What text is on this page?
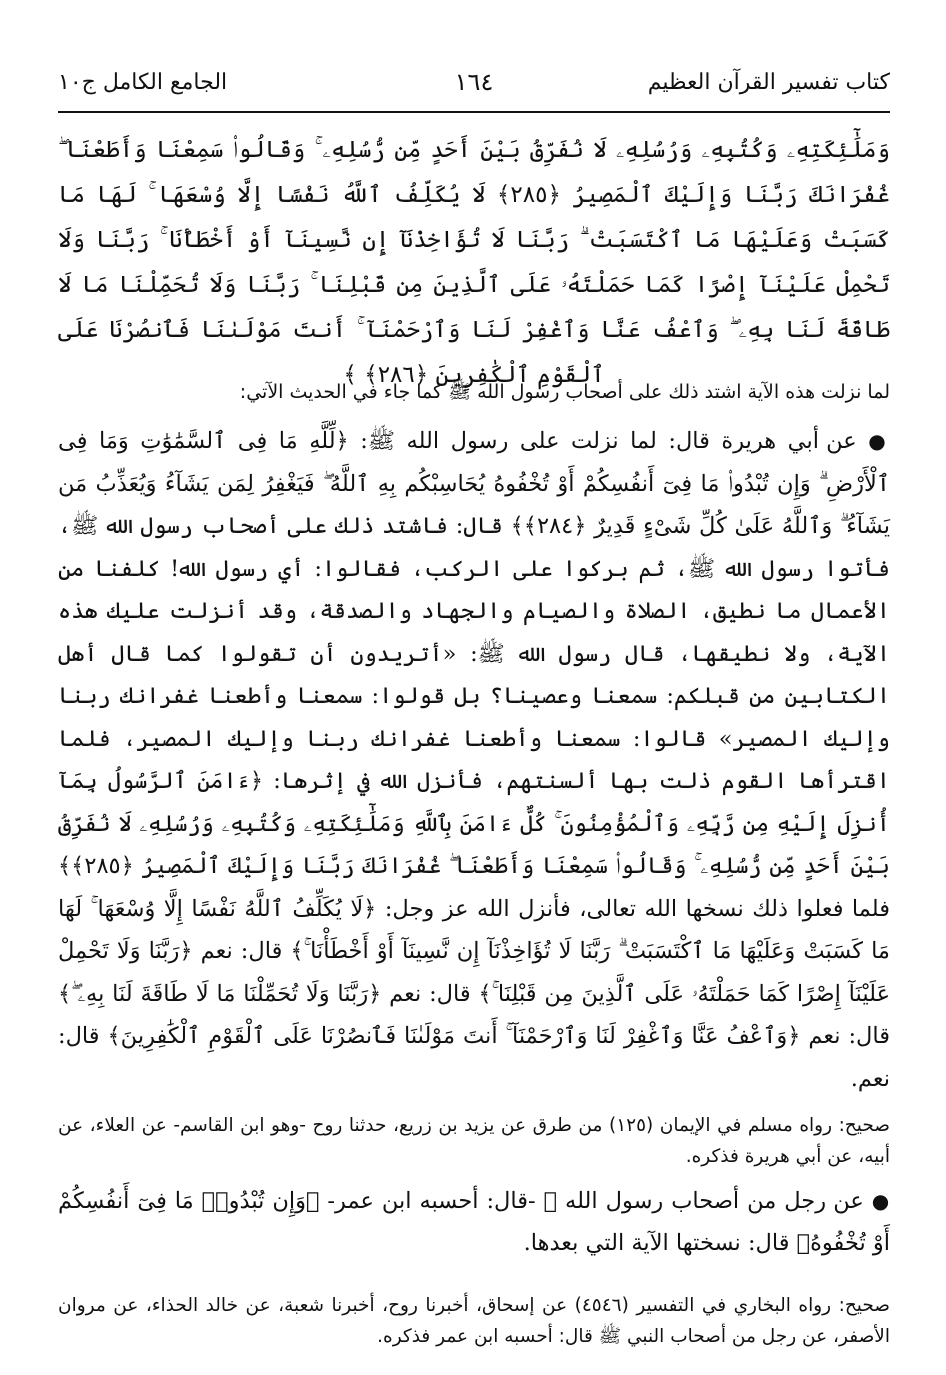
كتاب تفسير القرآن العظيم
١٦٤
الجامع الكامل ج١٠
وَمَلَٰٓئِكَتِهِۦ وَكُتُبِهِۦ وَرُسُلِهِۦ لَا نُفَرِّقُ بَيْنَ أَحَدٍ مِّن رُّسُلِهِۦ ۚ وَقَالُوا۟ سَمِعْنَا وَأَطَعْنَا ۖ غُفْرَانَكَ رَبَّنَا وَإِلَيْكَ ٱلْمَصِيرُ ﴿٢٨٥﴾ لَا يُكَلِّفُ ٱللَّهُ نَفْسًا إِلَّا وُسْعَهَا ۚ لَهَا مَا كَسَبَتْ وَعَلَيْهَا مَا ٱكْتَسَبَتْ ۗ رَبَّنَا لَا تُؤَاخِذْنَآ إِن نَّسِينَآ أَوْ أَخْطَأْنَا ۚ رَبَّنَا وَلَا تَحْمِلْ عَلَيْنَآ إِصْرًا كَمَا حَمَلْتَهُۥ عَلَى ٱلَّذِينَ مِن قَبْلِنَا ۚ رَبَّنَا وَلَا تُحَمِّلْنَا مَا لَا طَاقَةَ لَنَا بِهِۦ ۖ وَٱعْفُ عَنَّا وَٱغْفِرْ لَنَا وَٱرْحَمْنَآ ۚ أَنتَ مَوْلَىٰنَا فَٱنصُرْنَا عَلَى ٱلْقَوْمِ ٱلْكَٰفِرِينَ ﴿٢٨٦﴾ ﴾
لما نزلت هذه الآية اشتد ذلك على أصحاب رسول الله ﷺ كما جاء في الحديث الآتي:
● عن أبي هريرة قال: لما نزلت على رسول الله ﷺ: ﴿لِّلَّهِ مَا فِى ٱلسَّمَٰوَٰتِ وَمَا فِى ٱلْأَرْضِ ۗ وَإِن تُبْدُوا۟ مَا فِىٓ أَنفُسِكُمْ أَوْ تُخْفُوهُ يُحَاسِبْكُم بِهِ ٱللَّهُ ۖ فَيَغْفِرُ لِمَن يَشَآءُ وَيُعَذِّبُ مَن يَشَآءُ ۗ وَٱللَّهُ عَلَىٰ كُلِّ شَىْءٍ قَدِيرٌ ﴿٢٨٤﴾﴾ قال: فاشتد ذلك على أصحاب رسول الله ﷺ، فأتوا رسول الله ﷺ، ثم بركوا على الركب، فقالوا: أي رسول الله! كلفنا من الأعمال ما نطيق، الصلاة والصيام والجهاد والصدقة، وقد أنزلت عليك هذه الآية، ولا نطيقها، قال رسول الله ﷺ: «أتريدون أن تقولوا كما قال أهل الكتابين من قبلكم: سمعنا وعصينا؟ بل قولوا: سمعنا وأطعنا غفرانك ربنا وإليك المصير» قالوا: سمعنا وأطعنا غفرانك ربنا وإليك المصير، فلما اقترأها القوم ذلت بها ألسنتهم، فأنزل الله في إثرها: ﴿ءَامَنَ ٱلرَّسُولُ بِمَآ أُنزِلَ إِلَيْهِ مِن رَّبِّهِۦ وَٱلْمُؤْمِنُونَ ۚ كُلٌّ ءَامَنَ بِٱللَّهِ وَمَلَٰٓئِكَتِهِۦ وَكُتُبِهِۦ وَرُسُلِهِۦ لَا نُفَرِّقُ بَيْنَ أَحَدٍ مِّن رُّسُلِهِۦ ۚ وَقَالُوا۟ سَمِعْنَا وَأَطَعْنَا ۖ غُفْرَانَكَ رَبَّنَا وَإِلَيْكَ ٱلْمَصِيرُ ﴿٢٨٥﴾﴾ فلما فعلوا ذلك نسخها الله تعالى، فأنزل الله عز وجل: ﴿لَا يُكَلِّفُ ٱللَّهُ نَفْسًا إِلَّا وُسْعَهَا ۚ لَهَا مَا كَسَبَتْ وَعَلَيْهَا مَا ٱكْتَسَبَتْ ۗ رَبَّنَا لَا تُؤَاخِذْنَآ إِن نَّسِينَآ أَوْ أَخْطَأْنَا ۚ﴾ قال: نعم ﴿رَبَّنَا وَلَا تَحْمِلْ عَلَيْنَآ إِصْرًا كَمَا حَمَلْتَهُۥ عَلَى ٱلَّذِينَ مِن قَبْلِنَا ۚ﴾ قال: نعم ﴿رَبَّنَا وَلَا تُحَمِّلْنَا مَا لَا طَاقَةَ لَنَا بِهِۦ ۖ﴾ قال: نعم ﴿وَٱعْفُ عَنَّا وَٱغْفِرْ لَنَا وَٱرْحَمْنَآ ۚ أَنتَ مَوْلَىٰنَا فَٱنصُرْنَا عَلَى ٱلْقَوْمِ ٱلْكَٰفِرِينَ﴾ قال: نعم.
صحيح: رواه مسلم في الإيمان (١٢٥) من طرق عن يزيد بن زريع، حدثنا روح -وهو ابن القاسم- عن العلاء، عن أبيه، عن أبي هريرة فذكره.
● عن رجل من أصحاب رسول الله ﷺ -قال: أحسبه ابن عمر- ﴿وَإِن تُبْدُوا۟ مَا فِىٓ أَنفُسِكُمْ أَوْ تُخْفُوهُ﴾ قال: نسختها الآية التي بعدها.
صحيح: رواه البخاري في التفسير (٤٥٤٦) عن إسحاق، أخبرنا روح، أخبرنا شعبة، عن خالد الحذاء، عن مروان الأصفر، عن رجل من أصحاب النبي ﷺ قال: أحسبه ابن عمر فذكره.
